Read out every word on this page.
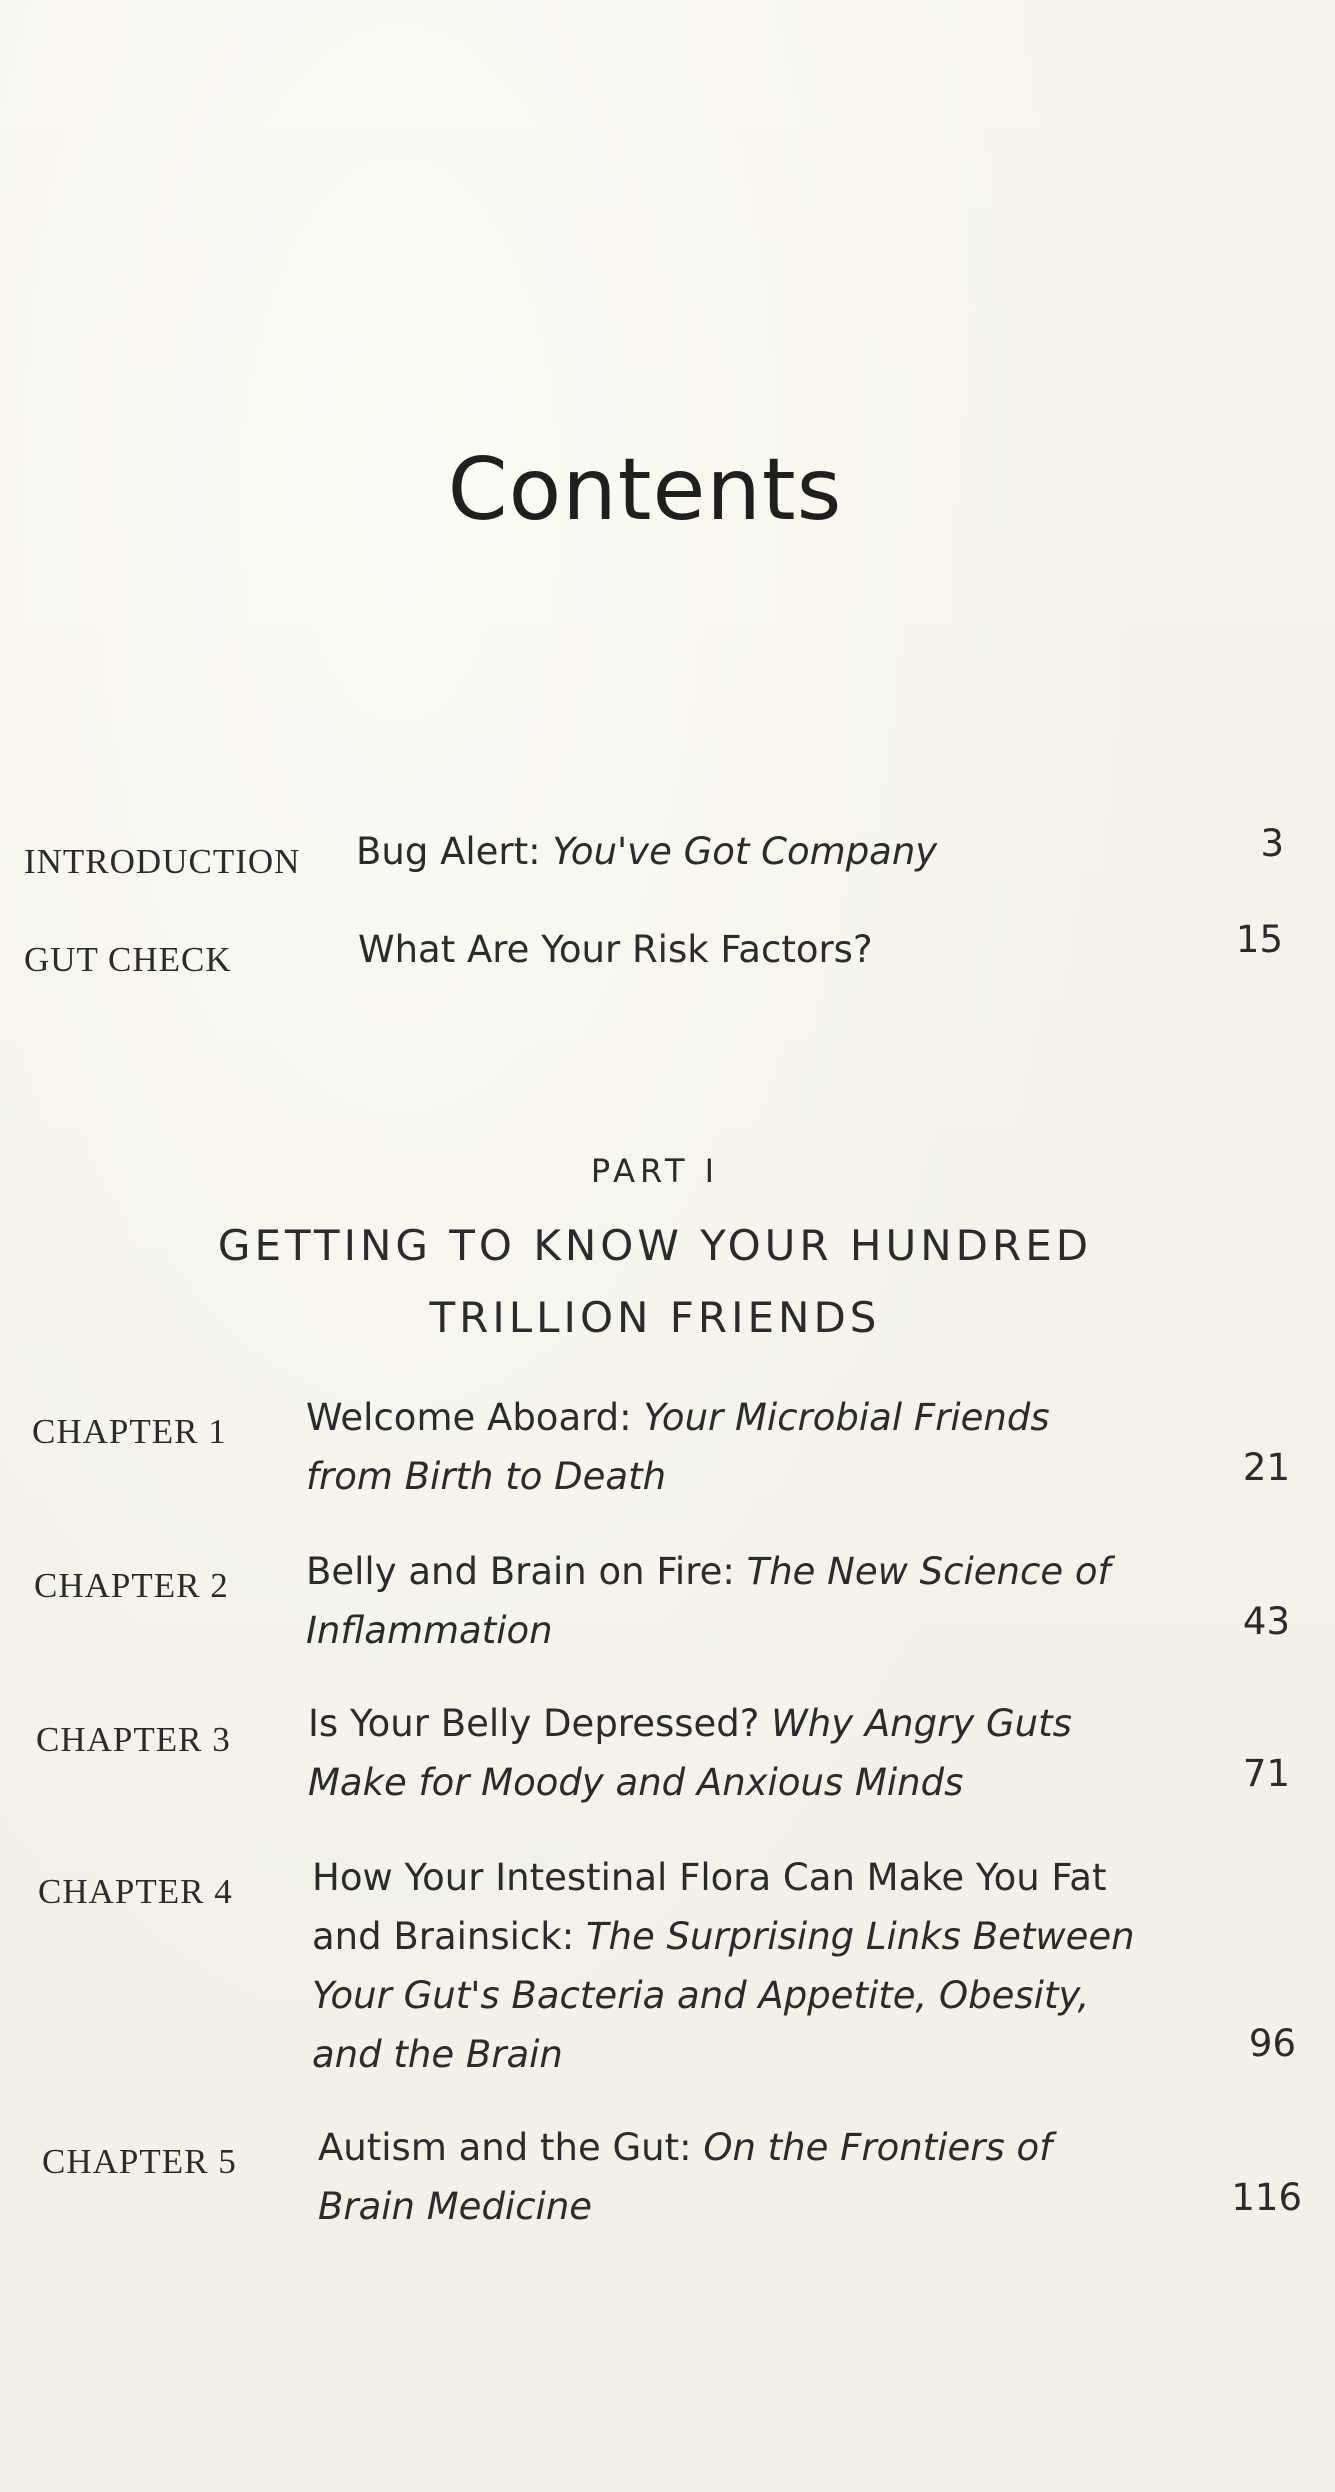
Contents
INTRODUCTION Bug Alert: You've Got Company	3
GUT CHECK	What Are Your Risk Factors?	15
PART I
GETTING TO KNOW YOUR HUNDRED
TRILLION FRIENDS
CHAPTER 1 Welcome Aboard: Your Microbial Friends
from Birth to Death	21
CHAPTER 2 Belly and Brain on Fire: The New Science of
Inflammation	43
CHAPTER 3 Is Your Belly Depressed? Why Angry Guts
Make for Moody and Anxious Minds	71
CHAPTER 4 How Your Intestinal Flora Can Make You Fat
and Brainsick: The Surprising Links Between
Your Gut's Bacteria and Appetite, Obesity,
and the Brain	96
CHAPTER 5 Autism and the Gut: On the Frontiers of
Brain Medicine	116
